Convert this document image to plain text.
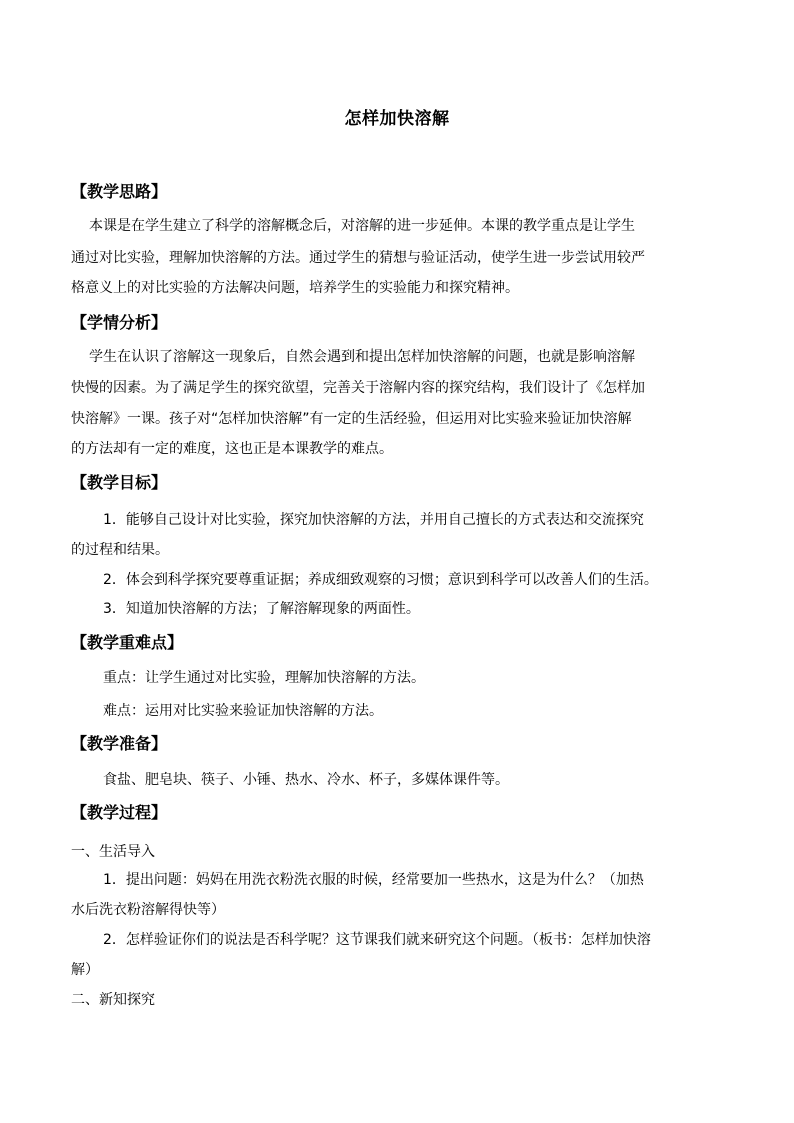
怎样加快溶解
【教学思路】
本课是在学生建立了科学的溶解概念后，对溶解的进一步延伸。本课的教学重点是让学生
通过对比实验，理解加快溶解的方法。通过学生的猜想与验证活动，使学生进一步尝试用较严
格意义上的对比实验的方法解决问题，培养学生的实验能力和探究精神。
【学情分析】
学生在认识了溶解这一现象后，自然会遇到和提出怎样加快溶解的问题，也就是影响溶解
快慢的因素。为了满足学生的探究欲望，完善关于溶解内容的探究结构，我们设计了《怎样加
快溶解》一课。孩子对“怎样加快溶解”有一定的生活经验，但运用对比实验来验证加快溶解
的方法却有一定的难度，这也正是本课教学的难点。
【教学目标】
1．能够自己设计对比实验，探究加快溶解的方法，并用自己擅长的方式表达和交流探究
的过程和结果。
2．体会到科学探究要尊重证据；养成细致观察的习惯；意识到科学可以改善人们的生活。
3．知道加快溶解的方法；了解溶解现象的两面性。
【教学重难点】
重点：让学生通过对比实验，理解加快溶解的方法。
难点：运用对比实验来验证加快溶解的方法。
【教学准备】
食盐、肥皂块、筷子、小锤、热水、冷水、杯子，多媒体课件等。
【教学过程】
一、生活导入
1．提出问题：妈妈在用洗衣粉洗衣服的时候，经常要加一些热水，这是为什么？（加热
水后洗衣粉溶解得快等）
2．怎样验证你们的说法是否科学呢？这节课我们就来研究这个问题。（板书：怎样加快溶
解）
二、新知探究
